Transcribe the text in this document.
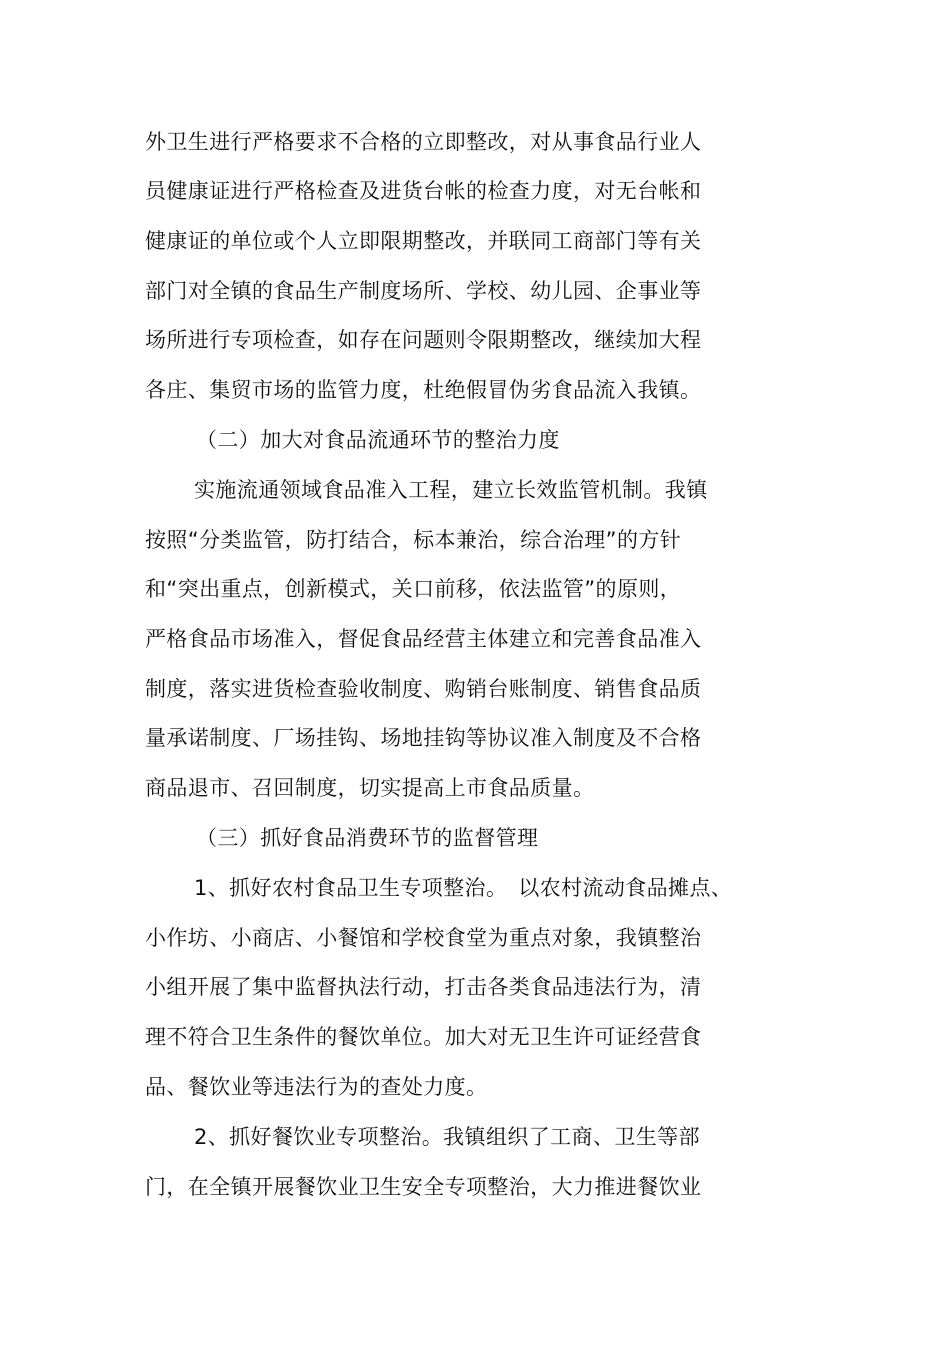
外卫生进行严格要求不合格的立即整改，对从事食品行业人
员健康证进行严格检查及进货台帐的检查力度，对无台帐和
健康证的单位或个人立即限期整改，并联同工商部门等有关
部门对全镇的食品生产制度场所、学校、幼儿园、企事业等
场所进行专项检查，如存在问题则令限期整改，继续加大程
各庄、集贸市场的监管力度，杜绝假冒伪劣食品流入我镇。
（二）加大对食品流通环节的整治力度
实施流通领域食品准入工程，建立长效监管机制。我镇
按照“分类监管，防打结合，标本兼治，综合治理”的方针
和“突出重点，创新模式，关口前移，依法监管”的原则，
严格食品市场准入，督促食品经营主体建立和完善食品准入
制度，落实进货检查验收制度、购销台账制度、销售食品质
量承诺制度、厂场挂钩、场地挂钩等协议准入制度及不合格
商品退市、召回制度，切实提高上市食品质量。
（三）抓好食品消费环节的监督管理
1、抓好农村食品卫生专项整治。　以农村流动食品摊点、
小作坊、小商店、小餐馆和学校食堂为重点对象，我镇整治
小组开展了集中监督执法行动，打击各类食品违法行为，清
理不符合卫生条件的餐饮单位。加大对无卫生许可证经营食
品、餐饮业等违法行为的查处力度。
2、抓好餐饮业专项整治。我镇组织了工商、卫生等部
门，在全镇开展餐饮业卫生安全专项整治，大力推进餐饮业
